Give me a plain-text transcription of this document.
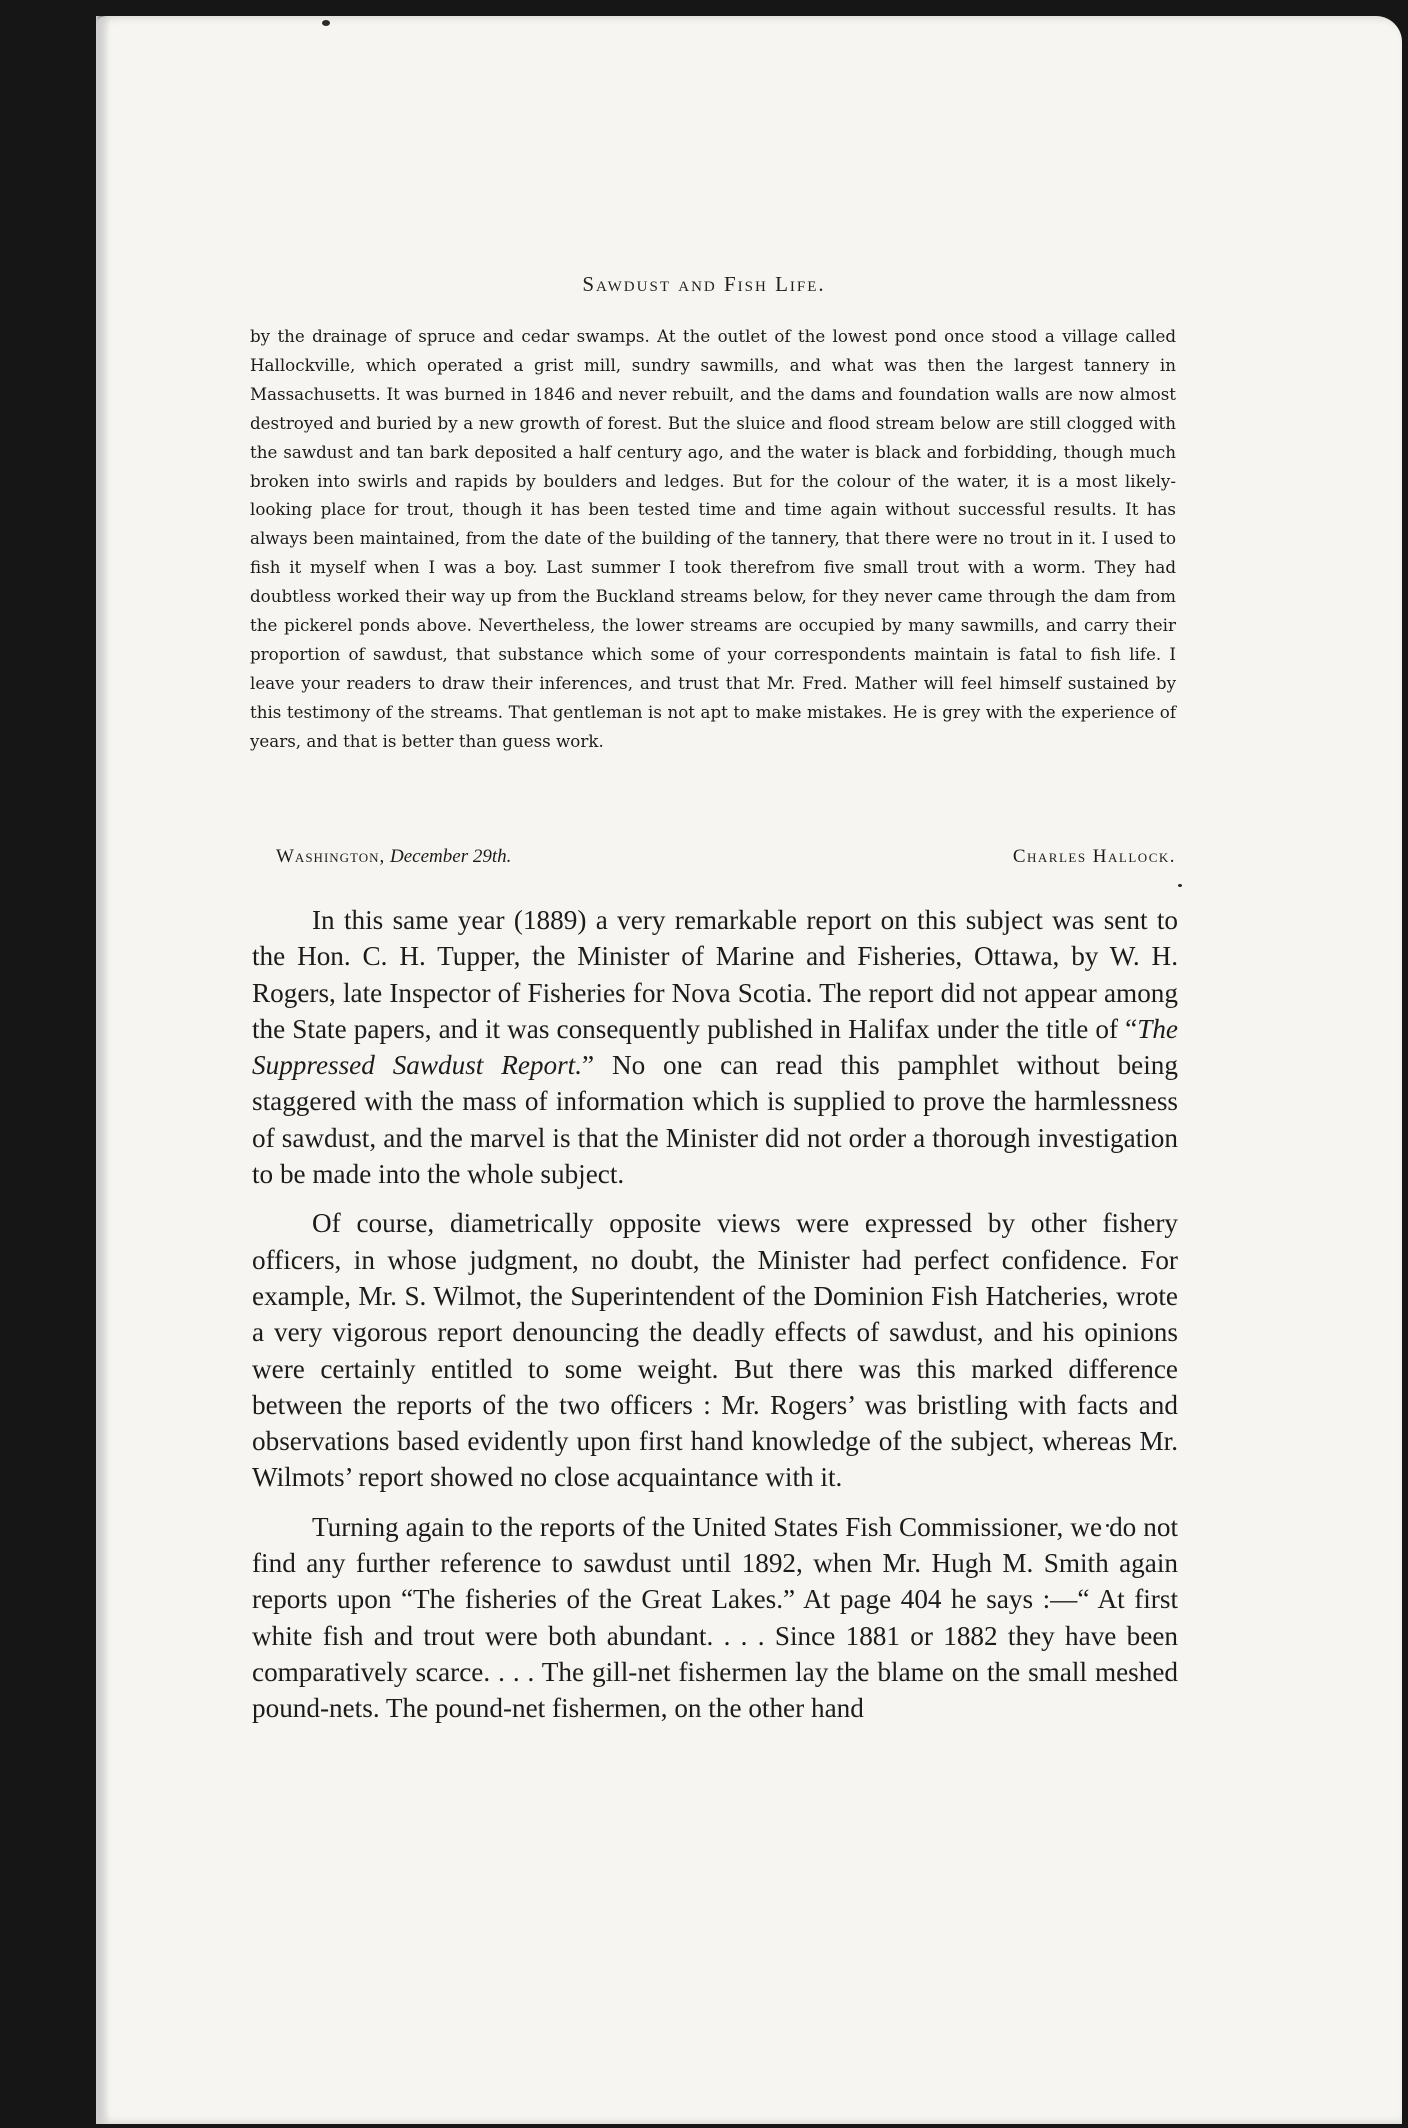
Sawdust and Fish Life.

by the drainage of spruce and cedar swamps. At the outlet of the lowest pond once stood a village called Hallockville, which operated a grist mill, sundry sawmills, and what was then the largest tannery in Massachusetts. It was burned in 1846 and never rebuilt, and the dams and foundation walls are now almost destroyed and buried by a new growth of forest. But the sluice and flood stream below are still clogged with the sawdust and tan bark deposited a half century ago, and the water is black and forbidding, though much broken into swirls and rapids by boulders and ledges. But for the colour of the water, it is a most likely-looking place for trout, though it has been tested time and time again without successful results. It has always been maintained, from the date of the building of the tannery, that there were no trout in it. I used to fish it myself when I was a boy. Last summer I took therefrom five small trout with a worm. They had doubtless worked their way up from the Buckland streams below, for they never came through the dam from the pickerel ponds above. Nevertheless, the lower streams are occupied by many sawmills, and carry their proportion of sawdust, that substance which some of your correspondents maintain is fatal to fish life. I leave your readers to draw their inferences, and trust that Mr. Fred. Mather will feel himself sustained by this testimony of the streams. That gentleman is not apt to make mistakes. He is grey with the experience of years, and that is better than guess work.

Washington, December 29th.	Charles Hallock.

In this same year (1889) a very remarkable report on this subject was sent to the Hon. C. H. Tupper, the Minister of Marine and Fisheries, Ottawa, by W. H. Rogers, late Inspector of Fisheries for Nova Scotia. The report did not appear among the State papers, and it was consequently published in Halifax under the title of “The Suppressed Sawdust Report.” No one can read this pamphlet without being staggered with the mass of information which is supplied to prove the harmlessness of sawdust, and the marvel is that the Minister did not order a thorough investigation to be made into the whole subject.

Of course, diametrically opposite views were expressed by other fishery officers, in whose judgment, no doubt, the Minister had perfect confidence. For example, Mr. S. Wilmot, the Superintendent of the Dominion Fish Hatcheries, wrote a very vigorous report denouncing the deadly effects of sawdust, and his opinions were certainly entitled to some weight. But there was this marked difference between the reports of the two officers : Mr. Rogers’ was bristling with facts and observations based evidently upon first hand knowledge of the subject, whereas Mr. Wilmots’ report showed no close acquaintance with it.

Turning again to the reports of the United States Fish Commissioner, we do not find any further reference to sawdust until 1892, when Mr. Hugh M. Smith again reports upon “The fisheries of the Great Lakes.” At page 404 he says :—“ At first white fish and trout were both abundant. . . . Since 1881 or 1882 they have been comparatively scarce. . . . The gill-net fishermen lay the blame on the small meshed pound-nets. The pound-net fishermen, on the other hand
